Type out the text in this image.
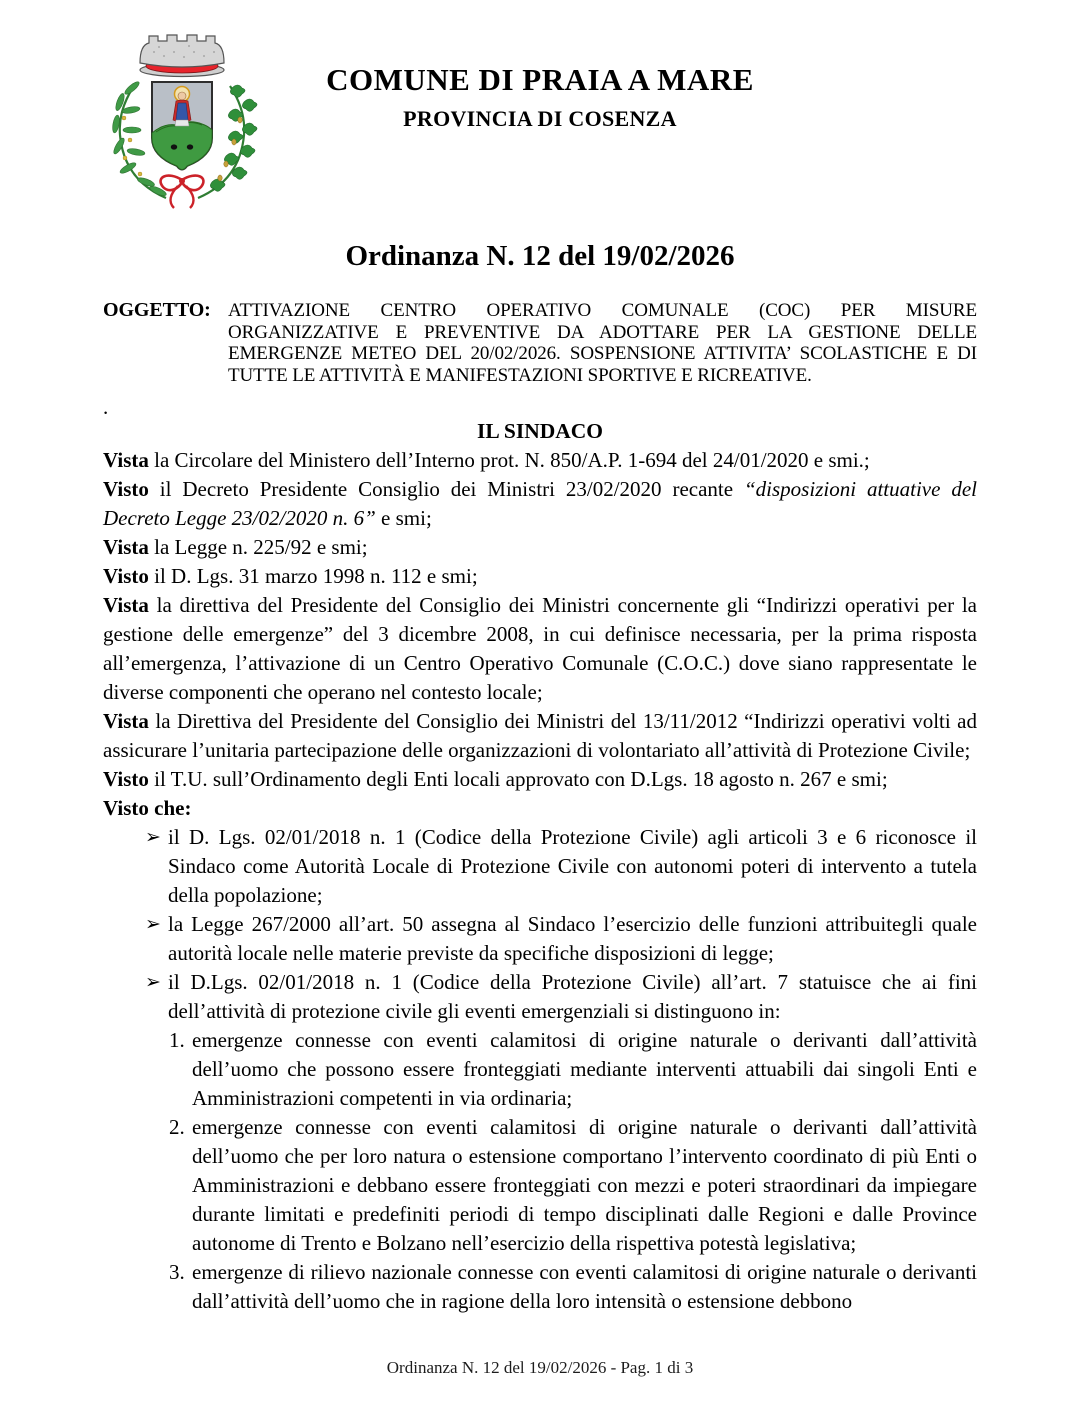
COMUNE DI PRAIA A MARE
PROVINCIA DI COSENZA
Ordinanza N. 12 del 19/02/2026
OGGETTO: ATTIVAZIONE CENTRO OPERATIVO COMUNALE (COC) PER MISURE ORGANIZZATIVE E PREVENTIVE DA ADOTTARE PER LA GESTIONE DELLE EMERGENZE METEO DEL 20/02/2026. SOSPENSIONE ATTIVITA’ SCOLASTICHE E DI TUTTE LE ATTIVITÀ E MANIFESTAZIONI SPORTIVE E RICREATIVE.
.
IL SINDACO

Vista la Circolare del Ministero dell’Interno prot. N. 850/A.P. 1-694 del 24/01/2020 e smi.;

Visto il Decreto Presidente Consiglio dei Ministri 23/02/2020 recante “disposizioni attuative del Decreto Legge 23/02/2020 n. 6” e smi;

Vista la Legge n. 225/92 e smi;

Visto il D. Lgs. 31 marzo 1998 n. 112 e smi;

Vista la direttiva del Presidente del Consiglio dei Ministri concernente gli “Indirizzi operativi per la gestione delle emergenze” del 3 dicembre 2008, in cui definisce necessaria, per la prima risposta all’emergenza, l’attivazione di un Centro Operativo Comunale (C.O.C.) dove siano rappresentate le diverse componenti che operano nel contesto locale;

Vista la Direttiva del Presidente del Consiglio dei Ministri del 13/11/2012 “Indirizzi operativi volti ad assicurare l’unitaria partecipazione delle organizzazioni di volontariato all’attività di Protezione Civile;

Visto il T.U. sull’Ordinamento degli Enti locali approvato con D.Lgs. 18 agosto n. 267 e smi;

Visto che:

➢ il D. Lgs. 02/01/2018 n. 1 (Codice della Protezione Civile) agli articoli 3 e 6 riconosce il Sindaco come Autorità Locale di Protezione Civile con autonomi poteri di intervento a tutela della popolazione;
➢ la Legge 267/2000 all’art. 50 assegna al Sindaco l’esercizio delle funzioni attribuitegli quale autorità locale nelle materie previste da specifiche disposizioni di legge;
➢ il D.Lgs. 02/01/2018 n. 1 (Codice della Protezione Civile) all’art. 7 statuisce che ai fini dell’attività di protezione civile gli eventi emergenziali si distinguono in:
1. emergenze connesse con eventi calamitosi di origine naturale o derivanti dall’attività dell’uomo che possono essere fronteggiati mediante interventi attuabili dai singoli Enti e Amministrazioni competenti in via ordinaria;
2. emergenze connesse con eventi calamitosi di origine naturale o derivanti dall’attività dell’uomo che per loro natura o estensione comportano l’intervento coordinato di più Enti o Amministrazioni e debbano essere fronteggiati con mezzi e poteri straordinari da impiegare durante limitati e predefiniti periodi di tempo disciplinati dalle Regioni e dalle Province autonome di Trento e Bolzano nell’esercizio della rispettiva potestà legislativa;
3. emergenze di rilievo nazionale connesse con eventi calamitosi di origine naturale o derivanti dall’attività dell’uomo che in ragione della loro intensità o estensione debbono
Ordinanza N. 12 del 19/02/2026 - Pag. 1 di 3
